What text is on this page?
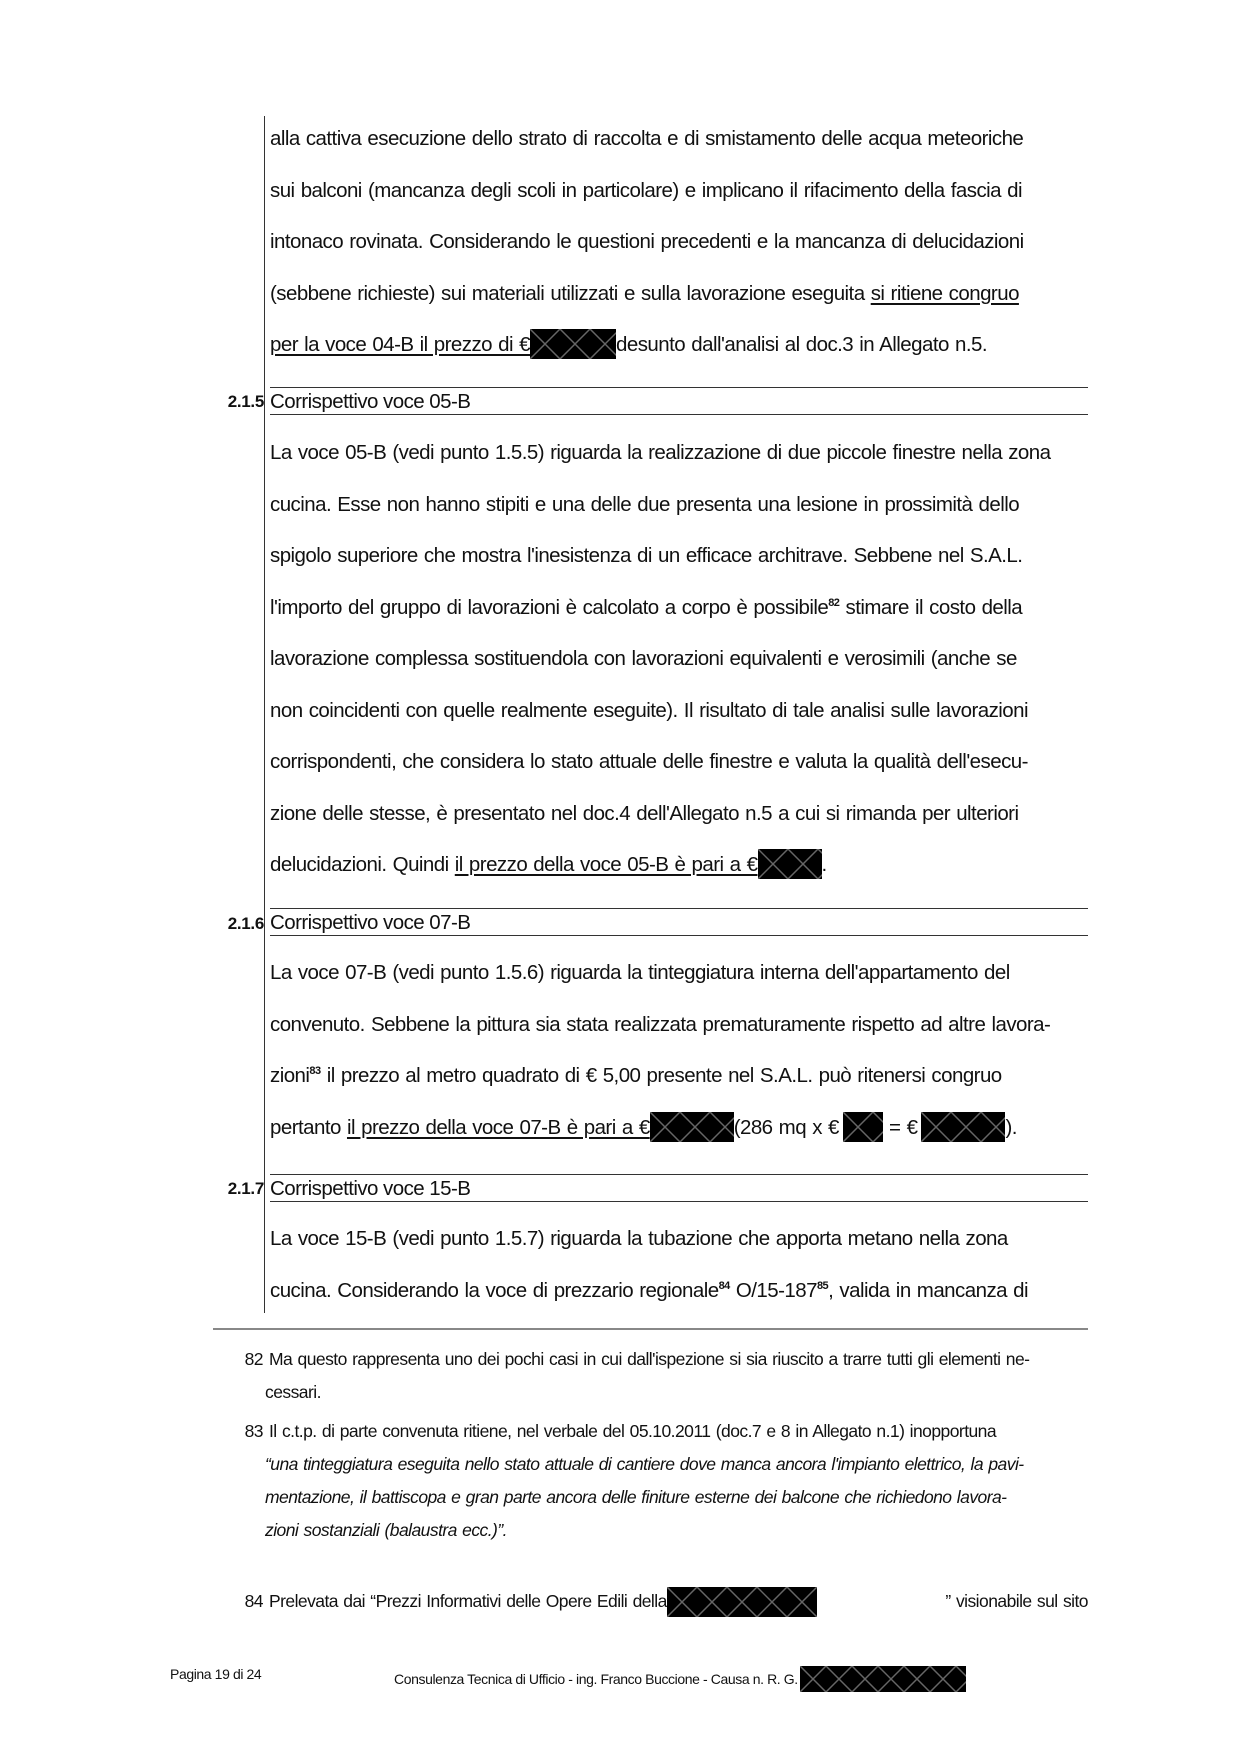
alla cattiva esecuzione dello strato di raccolta e di smistamento delle acqua meteoriche
sui balconi (mancanza degli scoli in particolare) e implicano il rifacimento della fascia di
intonaco rovinata. Considerando le questioni precedenti e la mancanza di delucidazioni
(sebbene richieste) sui materiali utilizzati e sulla lavorazione eseguita si ritiene congruo
per la voce 04-B il prezzo di €	desunto dall'analisi al doc.3 in Allegato n.5.
2.1.5 Corrispettivo voce 05-B
La voce 05-B (vedi punto 1.5.5) riguarda la realizzazione di due piccole finestre nella zona
cucina. Esse non hanno stipiti e una delle due presenta una lesione in prossimità dello
spigolo superiore che mostra l'inesistenza di un efficace architrave. Sebbene nel S.A.L.
l'importo del gruppo di lavorazioni è calcolato a corpo è possibile$^{82}$ stimare il costo della
lavorazione complessa sostituendola con lavorazioni equivalenti e verosimili (anche se
non coincidenti con quelle realmente eseguite). Il risultato di tale analisi sulle lavorazioni
corrispondenti, che considera lo stato attuale delle finestre e valuta la qualità dell'esecu-
zione delle stesse, è presentato nel doc.4 dell'Allegato n.5 a cui si rimanda per ulteriori
delucidazioni. Quindi il prezzo della voce 05-B è pari a €	.
2.1.6 Corrispettivo voce 07-B
La voce 07-B (vedi punto 1.5.6) riguarda la tinteggiatura interna dell'appartamento del
convenuto. Sebbene la pittura sia stata realizzata prematuramente rispetto ad altre lavora-
zioni$^{83}$ il prezzo al metro quadrato di € 5,00 presente nel S.A.L. può ritenersi congruo
pertanto il prezzo della voce 07-B è pari a €	(286 mq x €
= €	).
2.1.7 Corrispettivo voce 15-B
La voce 15-B (vedi punto 1.5.7) riguarda la tubazione che apporta metano nella zona
cucina. Considerando la voce di prezzario regionale$^{84}$ $O/15-187^{85}$, valida in mancanza di
82 Ma questo rappresenta uno dei pochi casi in cui dall'ispezione si sia riuscito a trarre tutti gli elementi ne-
cessari.
83 Il c.t.p. di parte convenuta ritiene, nel verbale del 05.10.2011 (doc.7 e 8 in Allegato n.1) inopportuna
“una tinteggiatura eseguita nello stato attuale di cantiere dove manca ancora l'impianto elettrico, la pavi-
mentazione, il battiscopa e gran parte ancora delle finiture esterne dei balcone che richiedono lavora-
zioni sostanziali (balaustra ecc.)”.
84 Prelevata dai “Prezzi Informativi delle Opere Edili della	” visionabile sul sito
Pagina 19 di 24	Consulenza Tecnica di Ufficio - ing. Franco Buccione - Causa n. R. G.
